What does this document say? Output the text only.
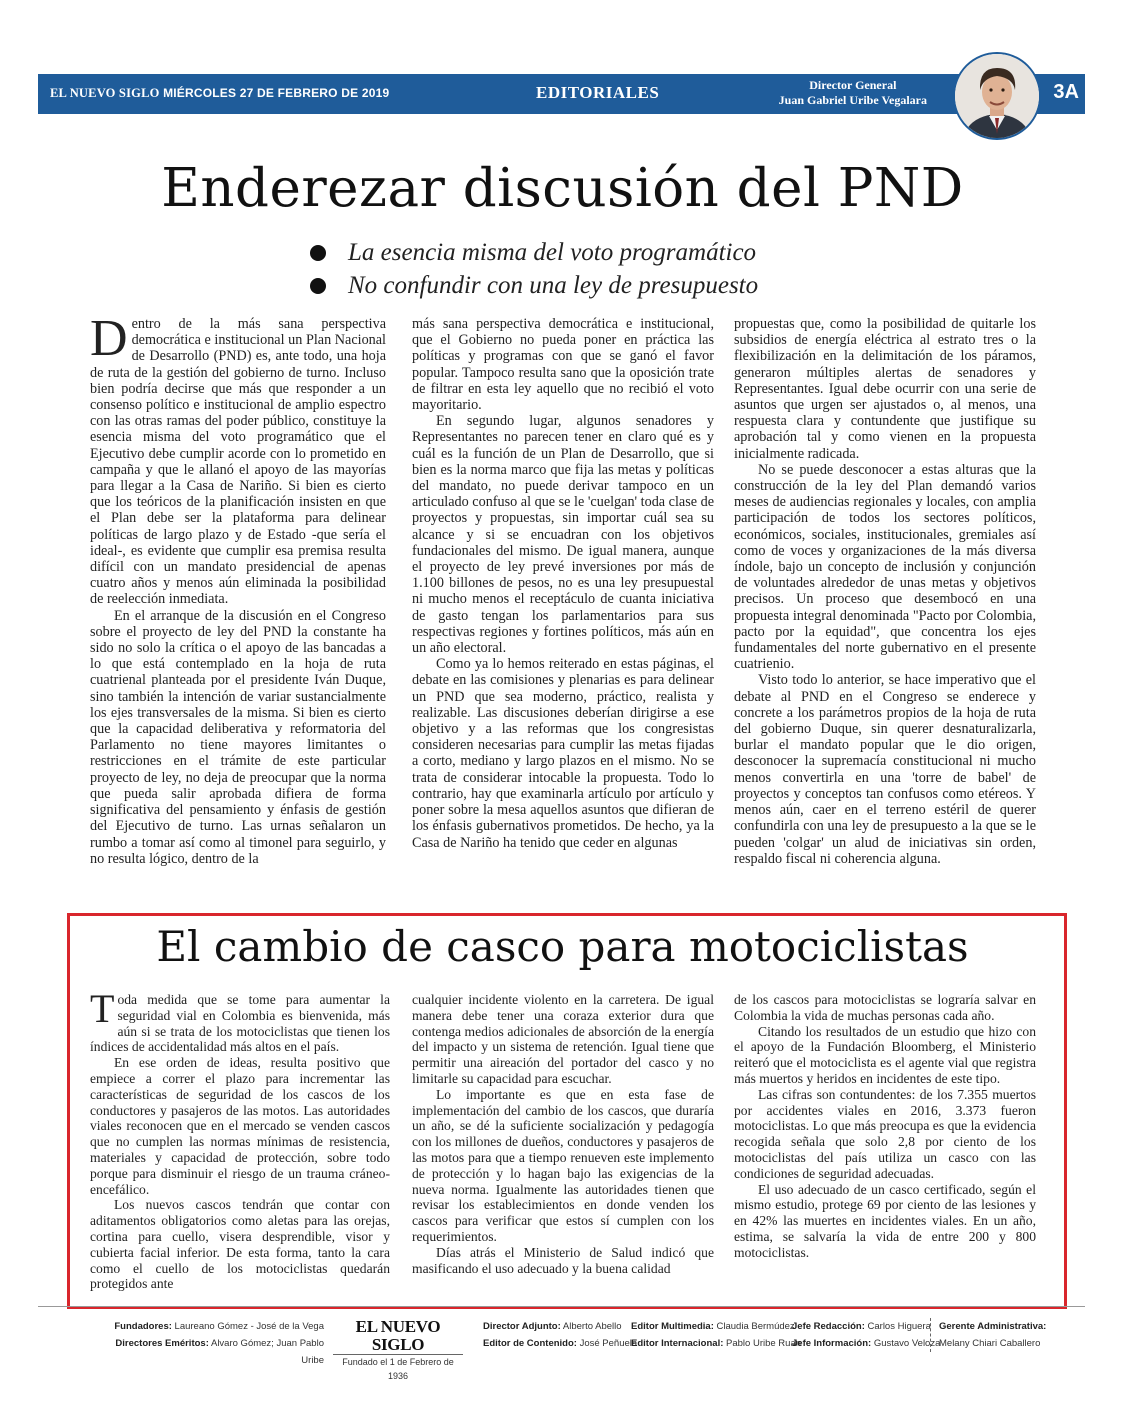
EL NUEVO SIGLO MIÉRCOLES 27 DE FEBRERO DE 2019	EDITORIALES	Director General
Juan Gabriel Uribe Vegalara	3A
Enderezar discusión del PND
La esencia misma del voto programático
No confundir con una ley de presupuesto

Dentro de la más sana perspectiva democrática e institucional un Plan Nacional de Desarrollo (PND) es, ante todo, una hoja de ruta de la gestión del gobierno de turno. Incluso bien podría decirse que más que responder a un consenso político e institucional de amplio espectro con las otras ramas del poder público, constituye la esencia misma del voto programático que el Ejecutivo debe cumplir acorde con lo prometido en campaña y que le allanó el apoyo de las mayorías para llegar a la Casa de Nariño. Si bien es cierto que los teóricos de la planificación insisten en que el Plan debe ser la plataforma para delinear políticas de largo plazo y de Estado -que sería el ideal-, es evidente que cumplir esa premisa resulta difícil con un mandato presidencial de apenas cuatro años y menos aún eliminada la posibilidad de reelección inmediata.

En el arranque de la discusión en el Congreso sobre el proyecto de ley del PND la constante ha sido no solo la crítica o el apoyo de las bancadas a lo que está contemplado en la hoja de ruta cuatrienal planteada por el presidente Iván Duque, sino también la intención de variar sustancialmente los ejes transversales de la misma. Si bien es cierto que la capacidad deliberativa y reformatoria del Parlamento no tiene mayores limitantes o restricciones en el trámite de este particular proyecto de ley, no deja de preocupar que la norma que pueda salir aprobada difiera de forma significativa del pensamiento y énfasis de gestión del Ejecutivo de turno. Las urnas señalaron un rumbo a tomar así como al timonel para seguirlo, y no resulta lógico, dentro de la

más sana perspectiva democrática e institucional, que el Gobierno no pueda poner en práctica las políticas y programas con que se ganó el favor popular. Tampoco resulta sano que la oposición trate de filtrar en esta ley aquello que no recibió el voto mayoritario.

En segundo lugar, algunos senadores y Representantes no parecen tener en claro qué es y cuál es la función de un Plan de Desarrollo, que si bien es la norma marco que fija las metas y políticas del mandato, no puede derivar tampoco en un articulado confuso al que se le 'cuelgan' toda clase de proyectos y propuestas, sin importar cuál sea su alcance y si se encuadran con los objetivos fundacionales del mismo. De igual manera, aunque el proyecto de ley prevé inversiones por más de 1.100 billones de pesos, no es una ley presupuestal ni mucho menos el receptáculo de cuanta iniciativa de gasto tengan los parlamentarios para sus respectivas regiones y fortines políticos, más aún en un año electoral.

Como ya lo hemos reiterado en estas páginas, el debate en las comisiones y plenarias es para delinear un PND que sea moderno, práctico, realista y realizable. Las discusiones deberían dirigirse a ese objetivo y a las reformas que los congresistas consideren necesarias para cumplir las metas fijadas a corto, mediano y largo plazos en el mismo. No se trata de considerar intocable la propuesta. Todo lo contrario, hay que examinarla artículo por artículo y poner sobre la mesa aquellos asuntos que difieran de los énfasis gubernativos prometidos. De hecho, ya la Casa de Nariño ha tenido que ceder en algunas

propuestas que, como la posibilidad de quitarle los subsidios de energía eléctrica al estrato tres o la flexibilización en la delimitación de los páramos, generaron múltiples alertas de senadores y Representantes. Igual debe ocurrir con una serie de asuntos que urgen ser ajustados o, al menos, una respuesta clara y contundente que justifique su aprobación tal y como vienen en la propuesta inicialmente radicada.

No se puede desconocer a estas alturas que la construcción de la ley del Plan demandó varios meses de audiencias regionales y locales, con amplia participación de todos los sectores políticos, económicos, sociales, institucionales, gremiales así como de voces y organizaciones de la más diversa índole, bajo un concepto de inclusión y conjunción de voluntades alrededor de unas metas y objetivos precisos. Un proceso que desembocó en una propuesta integral denominada "Pacto por Colombia, pacto por la equidad", que concentra los ejes fundamentales del norte gubernativo en el presente cuatrienio.

Visto todo lo anterior, se hace imperativo que el debate al PND en el Congreso se enderece y concrete a los parámetros propios de la hoja de ruta del gobierno Duque, sin querer desnaturalizarla, burlar el mandato popular que le dio origen, desconocer la supremacía constitucional ni mucho menos convertirla en una 'torre de babel' de proyectos y conceptos tan confusos como etéreos. Y menos aún, caer en el terreno estéril de querer confundirla con una ley de presupuesto a la que se le pueden 'colgar' un alud de iniciativas sin orden, respaldo fiscal ni coherencia alguna.

El cambio de casco para motociclistas

Toda medida que se tome para aumentar la seguridad vial en Colombia es bienvenida, más aún si se trata de los motociclistas que tienen los índices de accidentalidad más altos en el país.

En ese orden de ideas, resulta positivo que empiece a correr el plazo para incrementar las características de seguridad de los cascos de los conductores y pasajeros de las motos. Las autoridades viales reconocen que en el mercado se venden cascos que no cumplen las normas mínimas de resistencia, materiales y capacidad de protección, sobre todo porque para disminuir el riesgo de un trauma cráneo-encefálico.

Los nuevos cascos tendrán que contar con aditamentos obligatorios como aletas para las orejas, cortina para cuello, visera desprendible, visor y cubierta facial inferior. De esta forma, tanto la cara como el cuello de los motociclistas quedarán protegidos ante

cualquier incidente violento en la carretera. De igual manera debe tener una coraza exterior dura que contenga medios adicionales de absorción de la energía del impacto y un sistema de retención. Igual tiene que permitir una aireación del portador del casco y no limitarle su capacidad para escuchar.

Lo importante es que en esta fase de implementación del cambio de los cascos, que duraría un año, se dé la suficiente socialización y pedagogía con los millones de dueños, conductores y pasajeros de las motos para que a tiempo renueven este implemento de protección y lo hagan bajo las exigencias de la nueva norma. Igualmente las autoridades tienen que revisar los establecimientos en donde venden los cascos para verificar que estos sí cumplen con los requerimientos.

Días atrás el Ministerio de Salud indicó que masificando el uso adecuado y la buena calidad

de los cascos para motociclistas se lograría salvar en Colombia la vida de muchas personas cada año.

Citando los resultados de un estudio que hizo con el apoyo de la Fundación Bloomberg, el Ministerio reiteró que el motociclista es el agente vial que registra más muertos y heridos en incidentes de este tipo.

Las cifras son contundentes: de los 7.355 muertos por accidentes viales en 2016, 3.373 fueron motociclistas. Lo que más preocupa es que la evidencia recogida señala que solo 2,8 por ciento de los motociclistas del país utiliza un casco con las condiciones de seguridad adecuadas.

El uso adecuado de un casco certificado, según el mismo estudio, protege 69 por ciento de las lesiones y en 42% las muertes en incidentes viales. En un año, estima, se salvaría la vida de entre 200 y 800 motociclistas.

Fundadores: Laureano Gómez - José de la Vega
Directores Eméritos: Alvaro Gómez; Juan Pablo Uribe
EL NUEVO SIGLO
Fundado el 1 de Febrero de 1936
Director Adjunto: Alberto Abello
Editor de Contenido: José Peñuela
Editor Multimedia: Claudia Bermúdez
Editor Internacional: Pablo Uribe Ruan
Jefe Redacción: Carlos Higuera
Jefe Información: Gustavo Veloza
Gerente Administrativa:
Melany Chiari Caballero
